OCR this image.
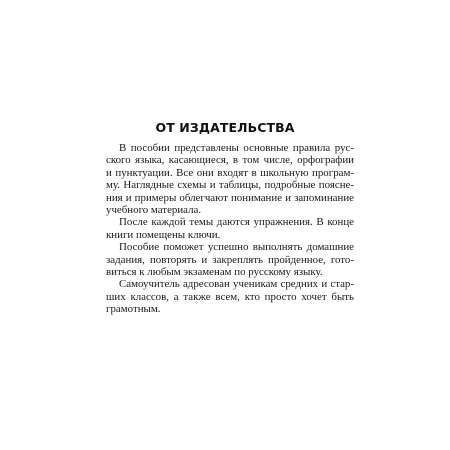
ОТ ИЗДАТЕЛЬСТВА

В пособии представлены основные правила рус-
ского языка, касающиеся, в том числе, орфографии
и пунктуации. Все они входят в школьную програм-
му. Наглядные схемы и таблицы, подробные поясне-
ния и примеры облегчают понимание и запоминание
учебного материала.

После каждой темы даются упражнения. В конце
книги помещены ключи.

Пособие поможет успешно выполнять домашние
задания, повторять и закреплять пройденное, гото-
виться к любым экзаменам по русскому языку.

Самоучитель адресован ученикам средних и стар-
ших классов, а также всем, кто просто хочет быть
грамотным.
